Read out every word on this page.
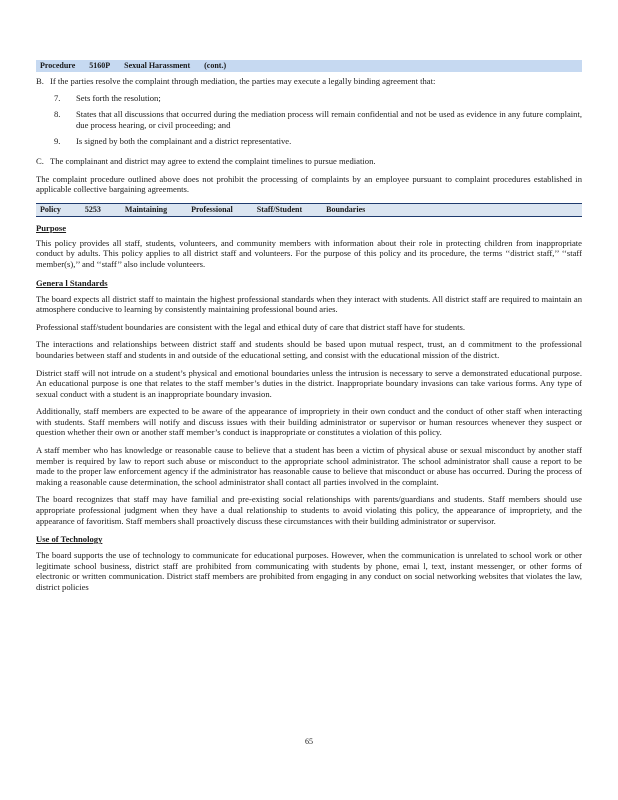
Procedure 5160P Sexual Harassment (cont.)
B. If the parties resolve the complaint through mediation, the parties may execute a legally binding agreement that:
7.	Sets forth the resolution;
8.	States that all discussions that occurred during the mediation process will remain confidential and not be used as evidence in any future complaint, due process hearing, or civil proceeding; and
9.	Is signed by both the complainant and a district representative.
C. The complainant and district may agree to extend the complaint timelines to pursue mediation.

The complaint procedure outlined above does not prohibit the processing of complaints by an employee pursuant to complaint procedures established in applicable collective bargaining agreements.

Policy	5253	Maintaining	Professional	Staff/Student	Boundaries
Purpose

This policy provides all staff, students, volunteers, and community members with information about their role in protecting children from inappropriate conduct by adults. This policy applies to all district staff and volunteers. For the purpose of this policy and its procedure, the terms ‘‘district staff,’’ ‘‘staff member(s),’’ and ‘‘staff’’ also include volunteers.

Genera l Standards

The board expects all district staff to maintain the highest professional standards when they interact with students. All district staff are required to maintain an atmosphere conducive to learning by consistently maintaining professional bound aries.

Professional staff/student boundaries are consistent with the legal and ethical duty of care that district staff have for students.

The interactions and relationships between district staff and students should be based upon mutual respect, trust, an d commitment to the professional boundaries between staff and students in and outside of the educational setting, and consist with the educational mission of the district.

District staff will not intrude on a student’s physical and emotional boundaries unless the intrusion is necessary to serve a demonstrated educational purpose. An educational purpose is one that relates to the staff member’s duties in the district. Inappropriate boundary invasions can take various forms. Any type of sexual conduct with a student is an inappropriate boundary invasion.

Additionally, staff members are expected to be aware of the appearance of impropriety in their own conduct and the conduct of other staff when interacting with students. Staff members will notify and discuss issues with their building administrator or supervisor or human resources whenever they suspect or question whether their own or another staff member’s conduct is inappropriate or constitutes a violation of this policy.

A staff member who has knowledge or reasonable cause to believe that a student has been a victim of physical abuse or sexual misconduct by another staff member is required by law to report such abuse or misconduct to the appropriate school administrator. The school administrator shall cause a report to be made to the proper law enforcement agency if the administrator has reasonable cause to believe that misconduct or abuse has occurred. During the process of making a reasonable cause determination, the school administrator shall contact all parties involved in the complaint.

The board recognizes that staff may have familial and pre-existing social relationships with parents/guardians and students. Staff members should use appropriate professional judgment when they have a dual relationship to students to avoid violating this policy, the appearance of impropriety, and the appearance of favoritism. Staff members shall proactively discuss these circumstances with their building administrator or supervisor.

Use of Technology

The board supports the use of technology to communicate for educational purposes. However, when the communication is unrelated to school work or other legitimate school business, district staff are prohibited from communicating with students by phone, emai l, text, instant messenger, or other forms of electronic or written communication. District staff members are prohibited from engaging in any conduct on social networking websites that violates the law, district policies

65
